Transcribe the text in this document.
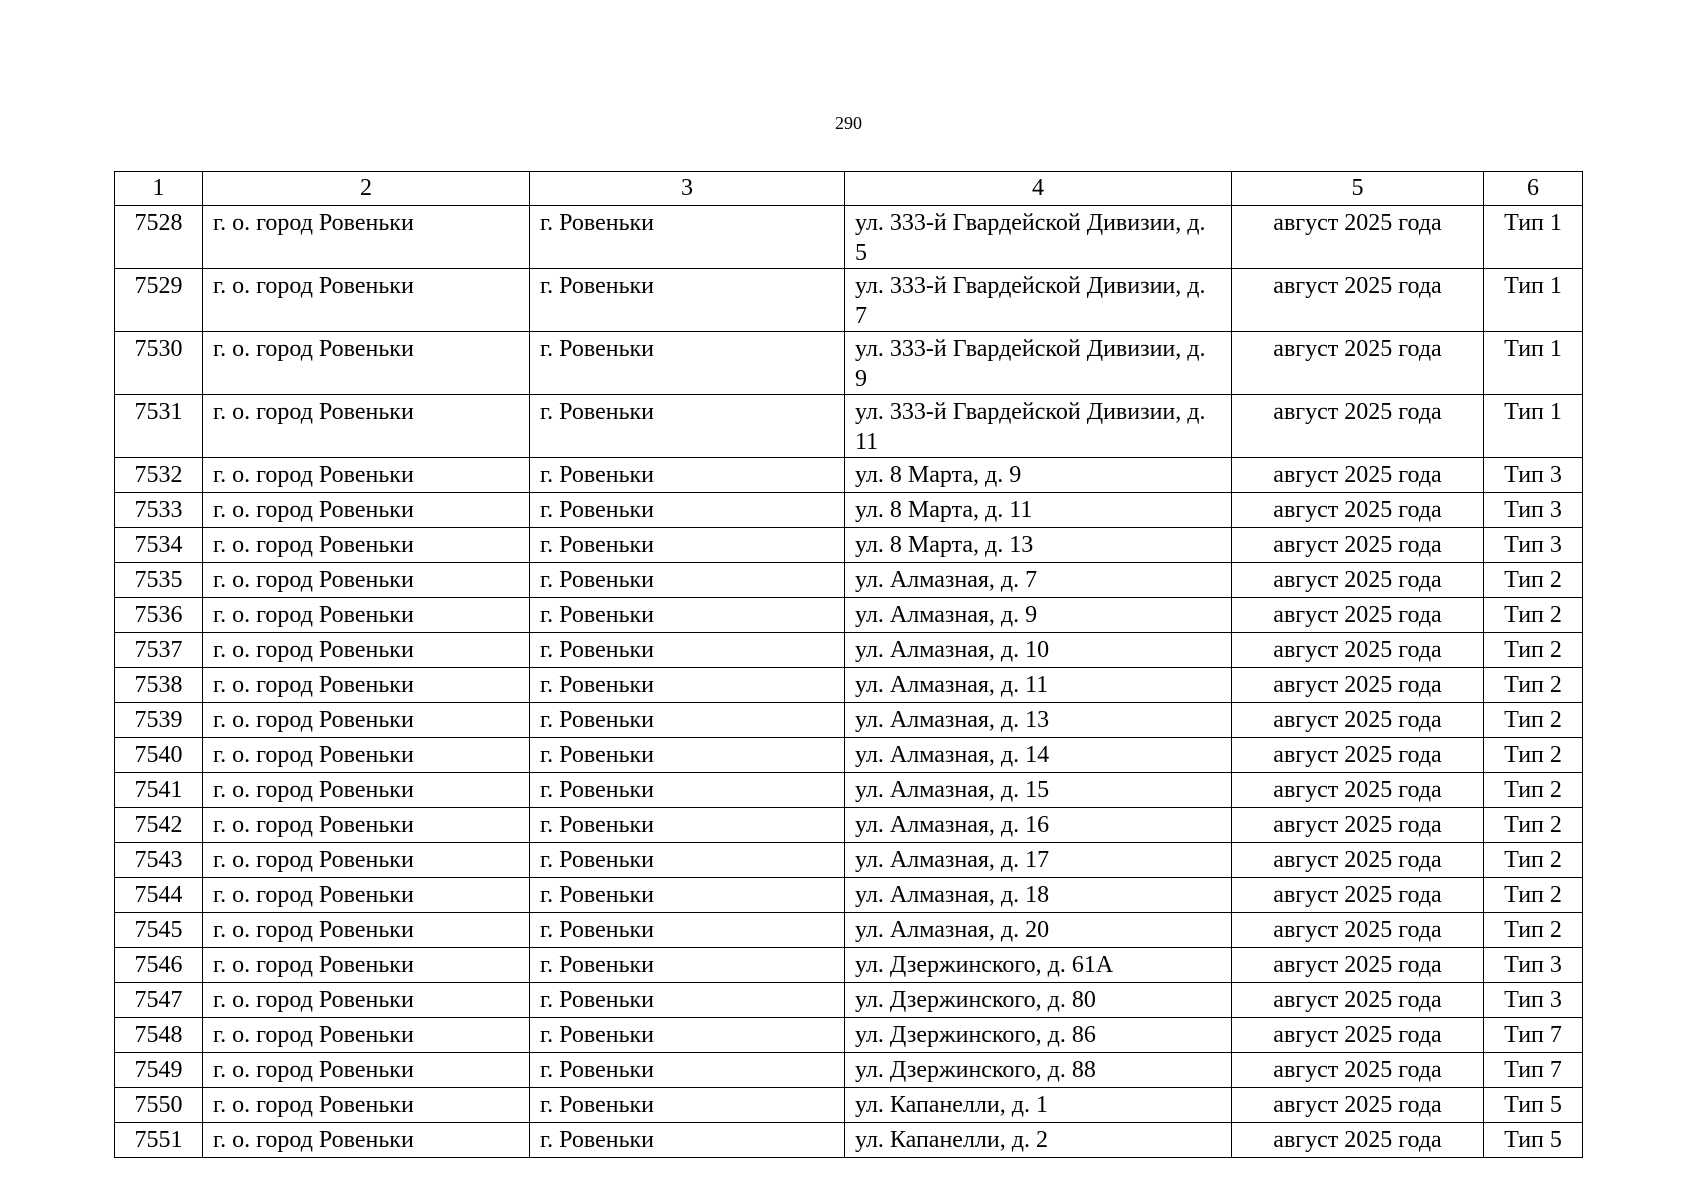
290
1	2	3	4	5	6
7528	г. о. город Ровеньки	г. Ровеньки	ул. 333-й Гвардейской Дивизии, д. 5	август 2025 года	Тип 1
7529	г. о. город Ровеньки	г. Ровеньки	ул. 333-й Гвардейской Дивизии, д. 7	август 2025 года	Тип 1
7530	г. о. город Ровеньки	г. Ровеньки	ул. 333-й Гвардейской Дивизии, д. 9	август 2025 года	Тип 1
7531	г. о. город Ровеньки	г. Ровеньки	ул. 333-й Гвардейской Дивизии, д. 11	август 2025 года	Тип 1
7532	г. о. город Ровеньки	г. Ровеньки	ул. 8 Марта, д. 9	август 2025 года	Тип 3
7533	г. о. город Ровеньки	г. Ровеньки	ул. 8 Марта, д. 11	август 2025 года	Тип 3
7534	г. о. город Ровеньки	г. Ровеньки	ул. 8 Марта, д. 13	август 2025 года	Тип 3
7535	г. о. город Ровеньки	г. Ровеньки	ул. Алмазная, д. 7	август 2025 года	Тип 2
7536	г. о. город Ровеньки	г. Ровеньки	ул. Алмазная, д. 9	август 2025 года	Тип 2
7537	г. о. город Ровеньки	г. Ровеньки	ул. Алмазная, д. 10	август 2025 года	Тип 2
7538	г. о. город Ровеньки	г. Ровеньки	ул. Алмазная, д. 11	август 2025 года	Тип 2
7539	г. о. город Ровеньки	г. Ровеньки	ул. Алмазная, д. 13	август 2025 года	Тип 2
7540	г. о. город Ровеньки	г. Ровеньки	ул. Алмазная, д. 14	август 2025 года	Тип 2
7541	г. о. город Ровеньки	г. Ровеньки	ул. Алмазная, д. 15	август 2025 года	Тип 2
7542	г. о. город Ровеньки	г. Ровеньки	ул. Алмазная, д. 16	август 2025 года	Тип 2
7543	г. о. город Ровеньки	г. Ровеньки	ул. Алмазная, д. 17	август 2025 года	Тип 2
7544	г. о. город Ровеньки	г. Ровеньки	ул. Алмазная, д. 18	август 2025 года	Тип 2
7545	г. о. город Ровеньки	г. Ровеньки	ул. Алмазная, д. 20	август 2025 года	Тип 2
7546	г. о. город Ровеньки	г. Ровеньки	ул. Дзержинского, д. 61А	август 2025 года	Тип 3
7547	г. о. город Ровеньки	г. Ровеньки	ул. Дзержинского, д. 80	август 2025 года	Тип 3
7548	г. о. город Ровеньки	г. Ровеньки	ул. Дзержинского, д. 86	август 2025 года	Тип 7
7549	г. о. город Ровеньки	г. Ровеньки	ул. Дзержинского, д. 88	август 2025 года	Тип 7
7550	г. о. город Ровеньки	г. Ровеньки	ул. Капанелли, д. 1	август 2025 года	Тип 5
7551	г. о. город Ровеньки	г. Ровеньки	ул. Капанелли, д. 2	август 2025 года	Тип 5
